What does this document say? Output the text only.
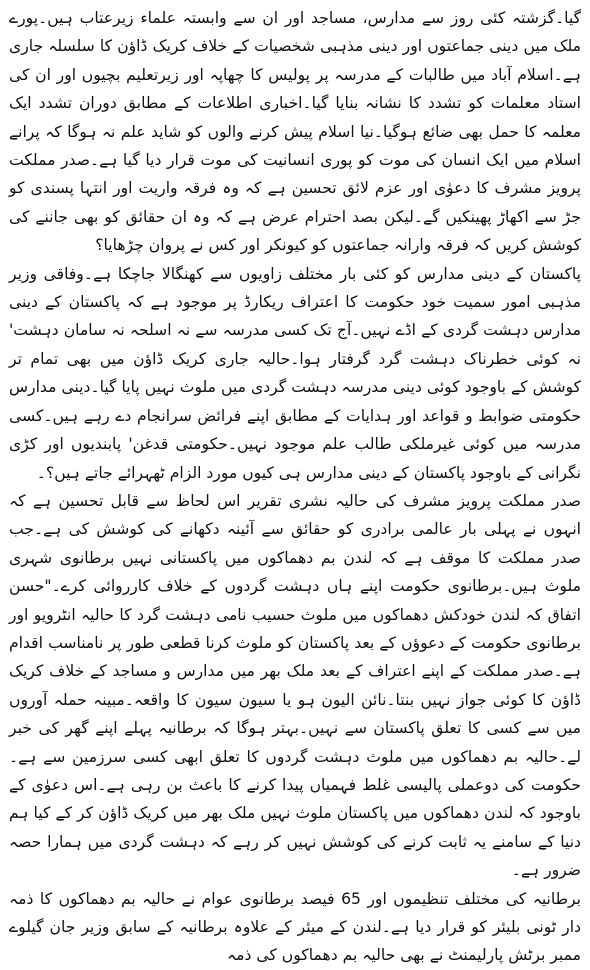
گیا۔گزشتہ کئی روز سے مدارس، مساجد اور ان سے وابستہ علماء زیرعتاب ہیں۔پورے ملک میں دینی جماعتوں اور دینی مذہبی شخصیات کے خلاف کریک ڈاؤن کا سلسلہ جاری ہے۔اسلام آباد میں طالبات کے مدرسہ پر پولیس کا چھاپہ اور زیرتعلیم بچیوں اور ان کی استاد معلمات کو تشدد کا نشانہ بنایا گیا۔اخباری اطلاعات کے مطابق دوران تشدد ایک معلمہ کا حمل بھی ضائع ہوگیا۔نیا اسلام پیش کرنے والوں کو شاید علم نہ ہوگا کہ پرانے اسلام میں ایک انسان کی موت کو پوری انسانیت کی موت قرار دیا گیا ہے۔صدر مملکت پرویز مشرف کا دعوٰی اور عزم لائق تحسین ہے کہ وہ فرقہ واریت اور انتہا پسندی کو جڑ سے اکھاڑ پھینکیں گے۔لیکن بصد احترام عرض ہے کہ وہ ان حقائق کو بھی جاننے کی کوشش کریں کہ فرقہ وارانہ جماعتوں کو کیونکر اور کس نے پروان چڑھایا؟

پاکستان کے دینی مدارس کو کئی بار مختلف زاویوں سے کھنگالا جاچکا ہے۔وفاقی وزیر مذہبی امور سمیت خود حکومت کا اعتراف ریکارڈ پر موجود ہے کہ پاکستان کے دینی مدارس دہشت گردی کے اڈے نہیں۔آج تک کسی مدرسہ سے نہ اسلحہ نہ سامان دہشت' نہ کوئی خطرناک دہشت گرد گرفتار ہوا۔حالیہ جاری کریک ڈاؤن میں بھی تمام تر کوشش کے باوجود کوئی دینی مدرسہ دہشت گردی میں ملوث نہیں پایا گیا۔دینی مدارس حکومتی ضوابط و قواعد اور ہدایات کے مطابق اپنے فرائض سرانجام دے رہے ہیں۔کسی مدرسہ میں کوئی غیرملکی طالب علم موجود نہیں۔حکومتی قدغن' پابندیوں اور کڑی نگرانی کے باوجود پاکستان کے دینی مدارس ہی کیوں مورد الزام ٹھہرائے جاتے ہیں؟۔

صدر مملکت پرویز مشرف کی حالیہ نشری تقریر اس لحاظ سے قابل تحسین ہے کہ انہوں نے پہلی بار عالمی برادری کو حقائق سے آئینہ دکھانے کی کوشش کی ہے۔جب صدر مملکت کا موقف ہے کہ لندن بم دھماکوں میں پاکستانی نہیں برطانوی شہری ملوث ہیں۔برطانوی حکومت اپنے ہاں دہشت گردوں کے خلاف کارروائی کرے۔"حسن اتفاق کہ لندن خودکش دھماکوں میں ملوث حسیب نامی دہشت گرد کا حالیہ انٹرویو اور برطانوی حکومت کے دعوؤں کے بعد پاکستان کو ملوث کرنا قطعی طور پر نامناسب اقدام ہے۔صدر مملکت کے اپنے اعتراف کے بعد ملک بھر میں مدارس و مساجد کے خلاف کریک ڈاؤن کا کوئی جواز نہیں بنتا۔نائن الیون ہو یا سیون سیون کا واقعہ۔مبینہ حملہ آوروں میں سے کسی کا تعلق پاکستان سے نہیں۔بہتر ہوگا کہ برطانیہ پہلے اپنے گھر کی خبر لے۔حالیہ بم دھماکوں میں ملوث دہشت گردوں کا تعلق ابھی کسی سرزمین سے ہے۔حکومت کی دوعملی پالیسی غلط فہمیاں پیدا کرنے کا باعث بن رہی ہے۔اس دعوٰی کے باوجود کہ لندن دھماکوں میں پاکستان ملوث نہیں ملک بھر میں کریک ڈاؤن کر کے کیا ہم دنیا کے سامنے یہ ثابت کرنے کی کوشش نہیں کر رہے کہ دہشت گردی میں ہمارا حصہ ضرور ہے۔

برطانیہ کی مختلف تنظیموں اور 65 فیصد برطانوی عوام نے حالیہ بم دھماکوں کا ذمہ دار ٹونی بلیئر کو قرار دیا ہے۔لندن کے میئر کے علاوہ برطانیہ کے سابق وزیر جان گیلوے ممبر برٹش پارلیمنٹ نے بھی حالیہ بم دھماکوں کی ذمہ
